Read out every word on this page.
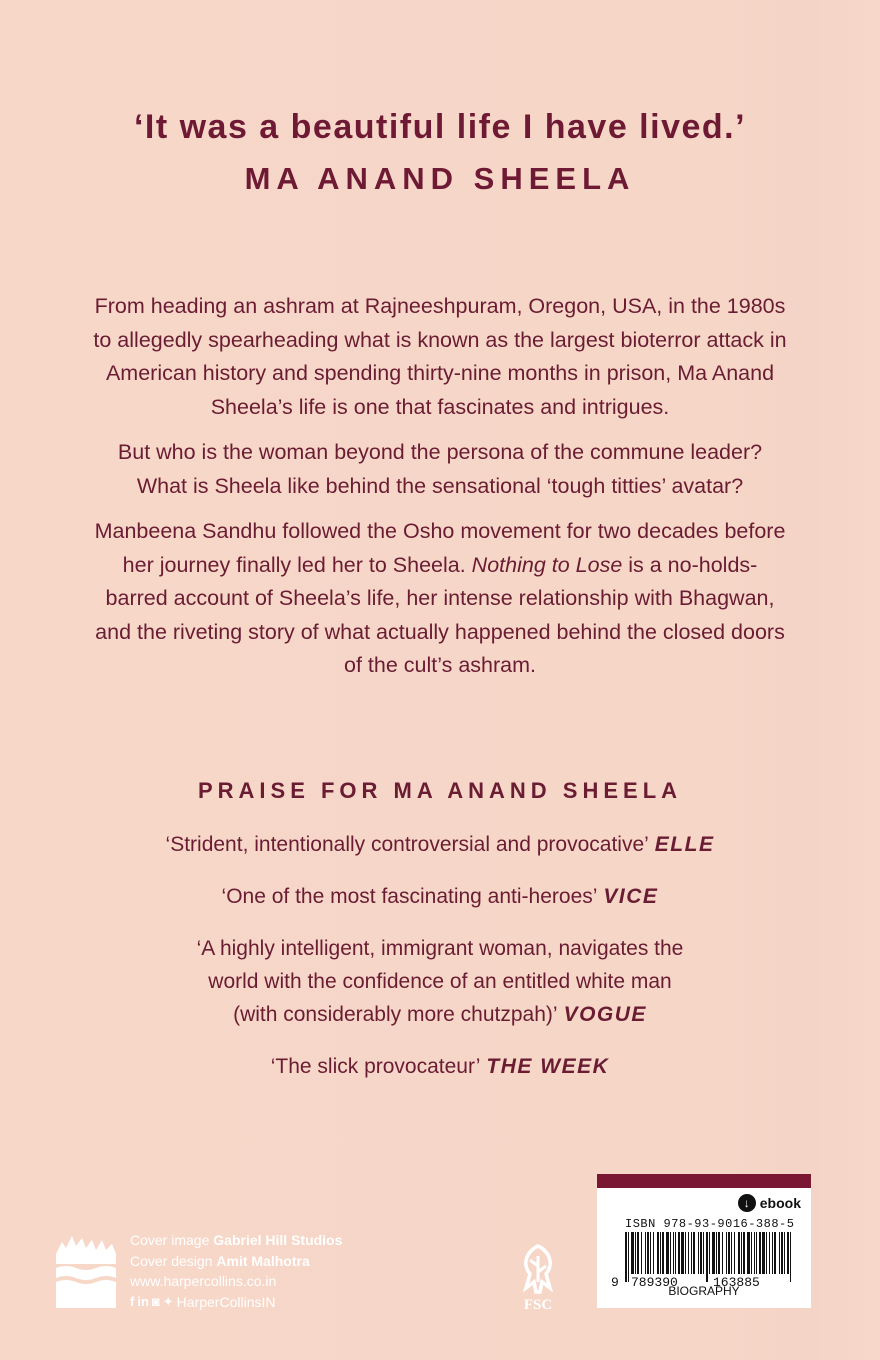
‘It was a beautiful life I have lived.’

MA ANAND SHEELA

From heading an ashram at Rajneeshpuram, Oregon, USA, in the 1980s to allegedly spearheading what is known as the largest bioterror attack in American history and spending thirty-nine months in prison, Ma Anand Sheela’s life is one that fascinates and intrigues.

But who is the woman beyond the persona of the commune leader? What is Sheela like behind the sensational ‘tough titties’ avatar?

Manbeena Sandhu followed the Osho movement for two decades before her journey finally led her to Sheela. Nothing to Lose is a no-holds-barred account of Sheela’s life, her intense relationship with Bhagwan, and the riveting story of what actually happened behind the closed doors of the cult’s ashram.

PRAISE FOR MA ANAND SHEELA
‘Strident, intentionally controversial and provocative’ ELLE
‘One of the most fascinating anti-heroes’ VICE
‘A highly intelligent, immigrant woman, navigates the
world with the confidence of an entitled white man
(with considerably more chutzpah)’ VOGUE
‘The slick provocateur’ THE WEEK
Cover image Gabriel Hill Studios
Cover design Amit Malhotra
www.harpercollins.co.in
f in ◙ ✦ HarperCollinsIN	FSC
↓ ebook
ISBN 978-93-9016-388-5
9 789390	163885
BIOGRAPHY
